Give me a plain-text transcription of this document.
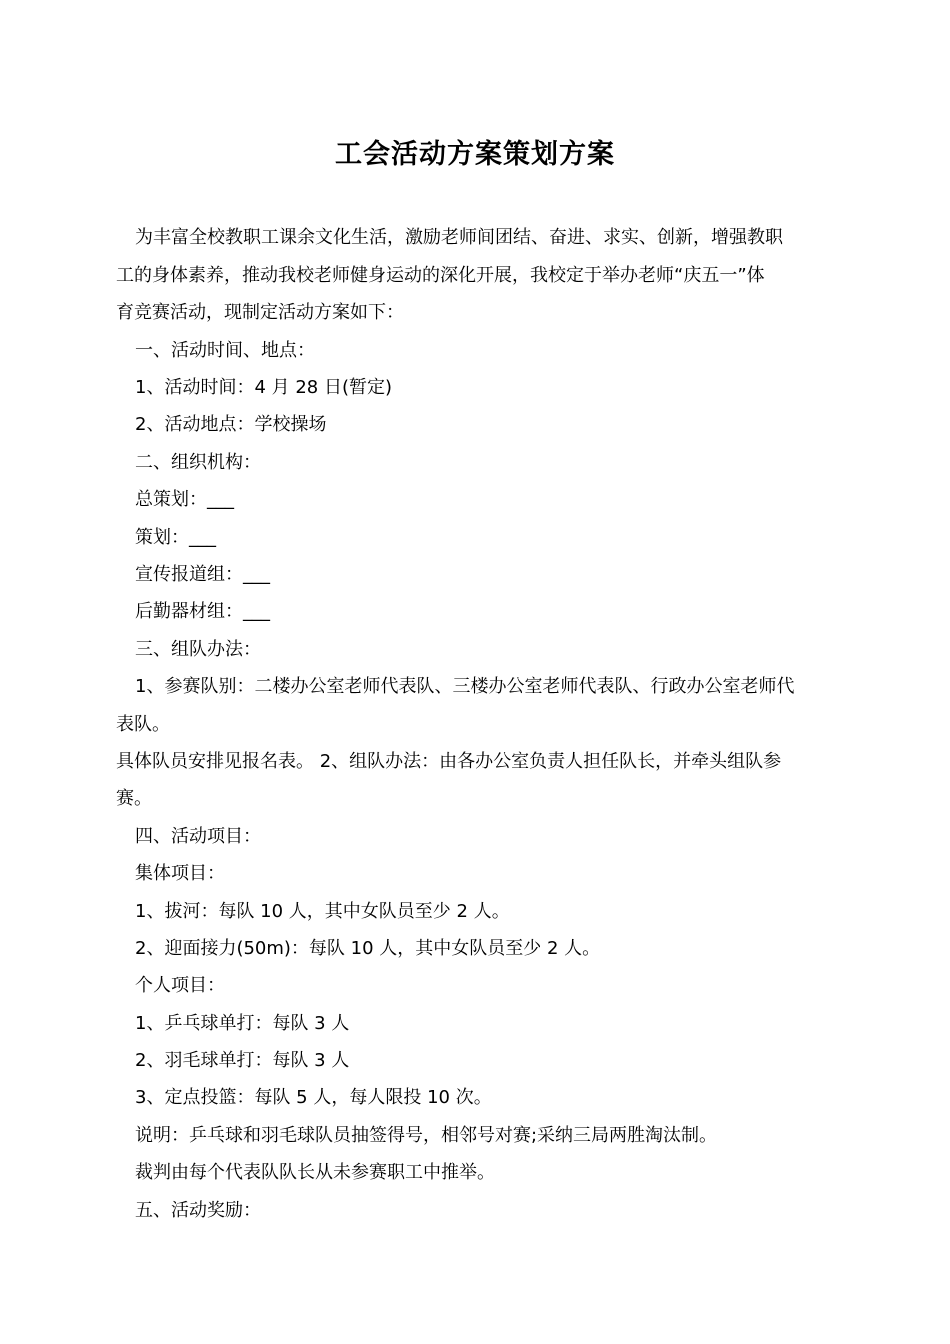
工会活动方案策划方案
为丰富全校教职工课余文化生活，激励老师间团结、奋进、求实、创新，增强教职
工的身体素养，推动我校老师健身运动的深化开展，我校定于举办老师“庆五一”体
育竞赛活动，现制定活动方案如下：
一、活动时间、地点：
1、活动时间：4 月 28 日(暂定)
2、活动地点：学校操场
二、组织机构：
总策划：___
策划：___
宣传报道组：___
后勤器材组：___
三、组队办法：
1、参赛队别：二楼办公室老师代表队、三楼办公室老师代表队、行政办公室老师代
表队。
具体队员安排见报名表。 2、组队办法：由各办公室负责人担任队长，并牵头组队参
赛。
四、活动项目：
集体项目：
1、拔河：每队 10 人，其中女队员至少 2 人。
2、迎面接力(50m)：每队 10 人，其中女队员至少 2 人。
个人项目：
1、乒乓球单打：每队 3 人
2、羽毛球单打：每队 3 人
3、定点投篮：每队 5 人，每人限投 10 次。
说明：乒乓球和羽毛球队员抽签得号，相邻号对赛;采纳三局两胜淘汰制。
裁判由每个代表队队长从未参赛职工中推举。
五、活动奖励：
